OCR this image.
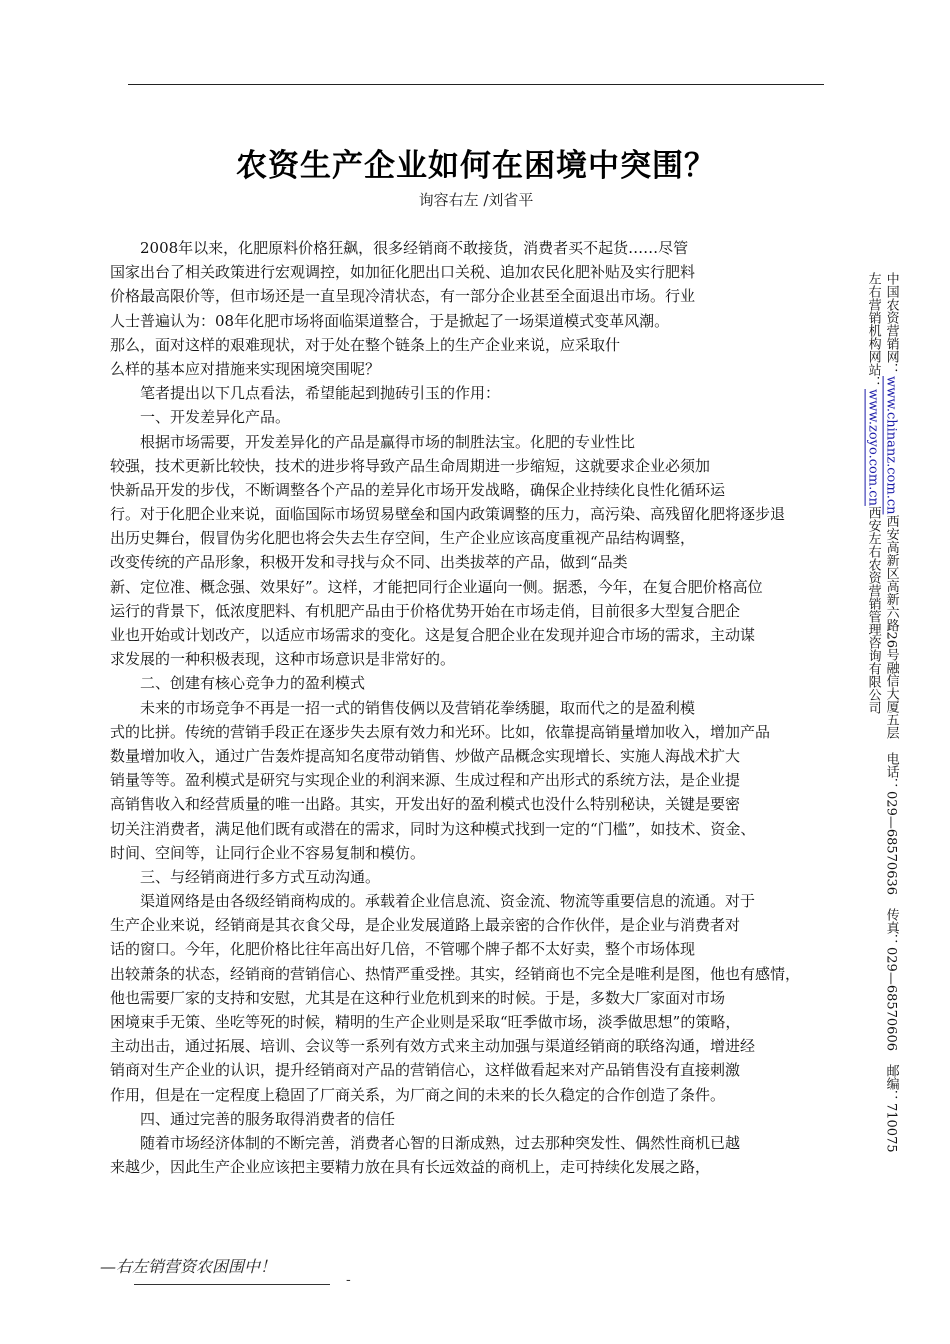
农资生产企业如何在困境中突围？
询容右左 /刘省平
　　2008年以来，化肥原料价格狂飙，很多经销商不敢接货，消费者买不起货……尽管
国家出台了相关政策进行宏观调控，如加征化肥出口关税、追加农民化肥补贴及实行肥料
价格最高限价等，但市场还是一直呈现冷清状态，有一部分企业甚至全面退出市场。行业
人士普遍认为：08年化肥市场将面临渠道整合，于是掀起了一场渠道模式变革风潮。
那么，面对这样的艰难现状，对于处在整个链条上的生产企业来说，应采取什
么样的基本应对措施来实现困境突围呢？
　　笔者提出以下几点看法，希望能起到抛砖引玉的作用：
　　一、开发差异化产品。
　　根据市场需要，开发差异化的产品是赢得市场的制胜法宝。化肥的专业性比
较强，技术更新比较快，技术的进步将导致产品生命周期进一步缩短，这就要求企业必须加
快新品开发的步伐，不断调整各个产品的差异化市场开发战略，确保企业持续化良性化循环运
行。对于化肥企业来说，面临国际市场贸易壁垒和国内政策调整的压力，高污染、高残留化肥将逐步退
出历史舞台，假冒伪劣化肥也将会失去生存空间，生产企业应该高度重视产品结构调整，
改变传统的产品形象，积极开发和寻找与众不同、出类拔萃的产品，做到“品类
新、定位准、概念强、效果好”。这样，才能把同行企业逼向一侧。据悉，今年，在复合肥价格高位
运行的背景下，低浓度肥料、有机肥产品由于价格优势开始在市场走俏，目前很多大型复合肥企
业也开始或计划改产，以适应市场需求的变化。这是复合肥企业在发现并迎合市场的需求，主动谋
求发展的一种积极表现，这种市场意识是非常好的。
　　二、创建有核心竞争力的盈利模式
　　未来的市场竞争不再是一招一式的销售伎俩以及营销花拳绣腿，取而代之的是盈利模
式的比拼。传统的营销手段正在逐步失去原有效力和光环。比如，依靠提高销量增加收入，增加产品
数量增加收入，通过广告轰炸提高知名度带动销售、炒做产品概念实现增长、实施人海战术扩大
销量等等。盈利模式是研究与实现企业的利润来源、生成过程和产出形式的系统方法，是企业提
高销售收入和经营质量的唯一出路。其实，开发出好的盈利模式也没什么特别秘诀，关键是要密
切关注消费者，满足他们既有或潜在的需求，同时为这种模式找到一定的“门槛”，如技术、资金、
时间、空间等，让同行企业不容易复制和模仿。
　　三、与经销商进行多方式互动沟通。
　　渠道网络是由各级经销商构成的。承载着企业信息流、资金流、物流等重要信息的流通。对于
生产企业来说，经销商是其衣食父母，是企业发展道路上最亲密的合作伙伴，是企业与消费者对
话的窗口。今年，化肥价格比往年高出好几倍，不管哪个牌子都不太好卖，整个市场体现
出较萧条的状态，经销商的营销信心、热情严重受挫。其实，经销商也不完全是唯利是图，他也有感情，
他也需要厂家的支持和安慰，尤其是在这种行业危机到来的时候。于是，多数大厂家面对市场
困境束手无策、坐吃等死的时候，精明的生产企业则是采取“旺季做市场，淡季做思想”的策略，
主动出击，通过拓展、培训、会议等一系列有效方式来主动加强与渠道经销商的联络沟通，增进经
销商对生产企业的认识，提升经销商对产品的营销信心，这样做看起来对产品销售没有直接刺激
作用，但是在一定程度上稳固了厂商关系，为厂商之间的未来的长久稳定的合作创造了条件。
　　四、通过完善的服务取得消费者的信任
　　随着市场经济体制的不断完善，消费者心智的日渐成熟，过去那种突发性、偶然性商机已越
来越少，因此生产企业应该把主要精力放在具有长远效益的商机上，走可持续化发展之路，
左右营销机构网站：www.zoyo.com.cn西安左右农资营销管理咨询有限公司
中国农资营销网：www.chinanz.com.cn西安高新区高新六路26号融信大厦五层　电话：029—68570636　传真：029—68570606　邮编：710075
—右左销营资农困围中！
-
